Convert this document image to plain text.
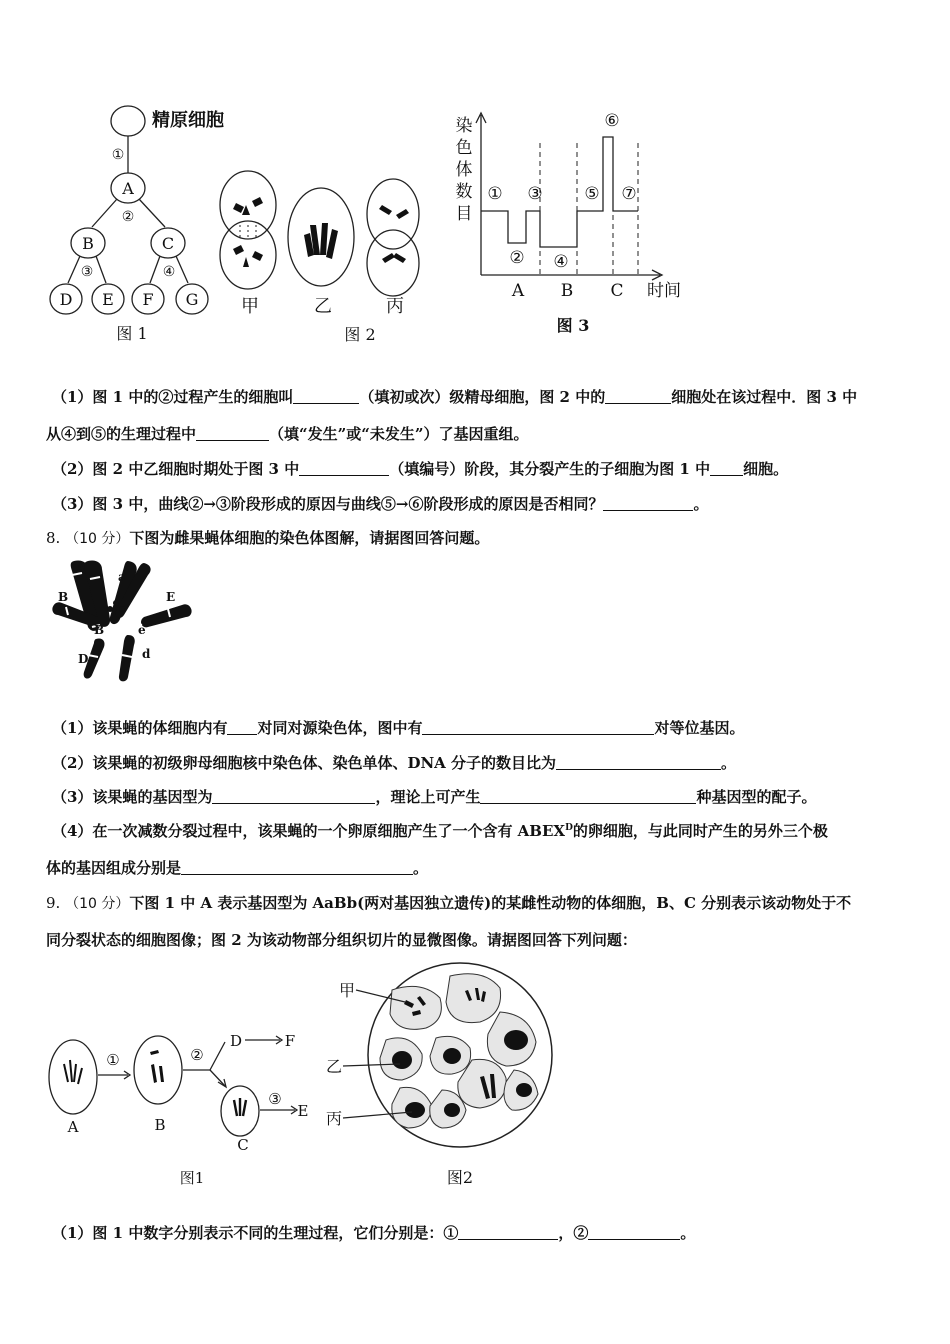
A
B	C
D E F G
①
②
③	④
图 1
精原细胞
甲	乙	丙
图 2
染
色
体
数
目
①
②
③
④
⑤
⑥
⑦
A B C 时间
图 3
（1）图 1 中的②过程产生的细胞叫	（填初或次）级精母细胞，图 2 中的	细胞处在该过程中．图 3 中
从④到⑤的生理过程中	（填“发生”或“未发生”）了基因重组。
（2）图 2 中乙细胞时期处于图 3 中	（填编号）阶段，其分裂产生的子细胞为图 1 中 细胞。
（3）图 3 中，曲线②→③阶段形成的原因与曲线⑤→⑥阶段形成的原因是否相同？	。
8. （10 分）下图为雌果蝇体细胞的染色体图解，请据图回答问题。
A
a
B	E
B	e
D	d
（1）该果蝇的体细胞内有 对同对源染色体，图中有	对等位基因。
（2）该果蝇的初级卵母细胞核中染色体、染色单体、DNA 分子的数目比为	。
（3）该果蝇的基因型为	，理论上可产生	种基因型的配子。
（4）在一次减数分裂过程中，该果蝇的一个卵原细胞产生了一个含有 $ABEX^D$的卵细胞，与此同时产生的另外三个极
体的基因组成分别是	。
9. （10 分）下图 1 中 A 表示基因型为 AaBb(两对基因独立遗传)的某雌性动物的体细胞，B、C 分别表示该动物处于不
同分裂状态的细胞图像；图 2 为该动物部分组织切片的显微图像。请据图回答下列问题：
①	②
③
A	B
C
D
E
F
图1
甲
乙
丙
图2
（1）图 1 中数字分别表示不同的生理过程，它们分别是：①	，②	。
